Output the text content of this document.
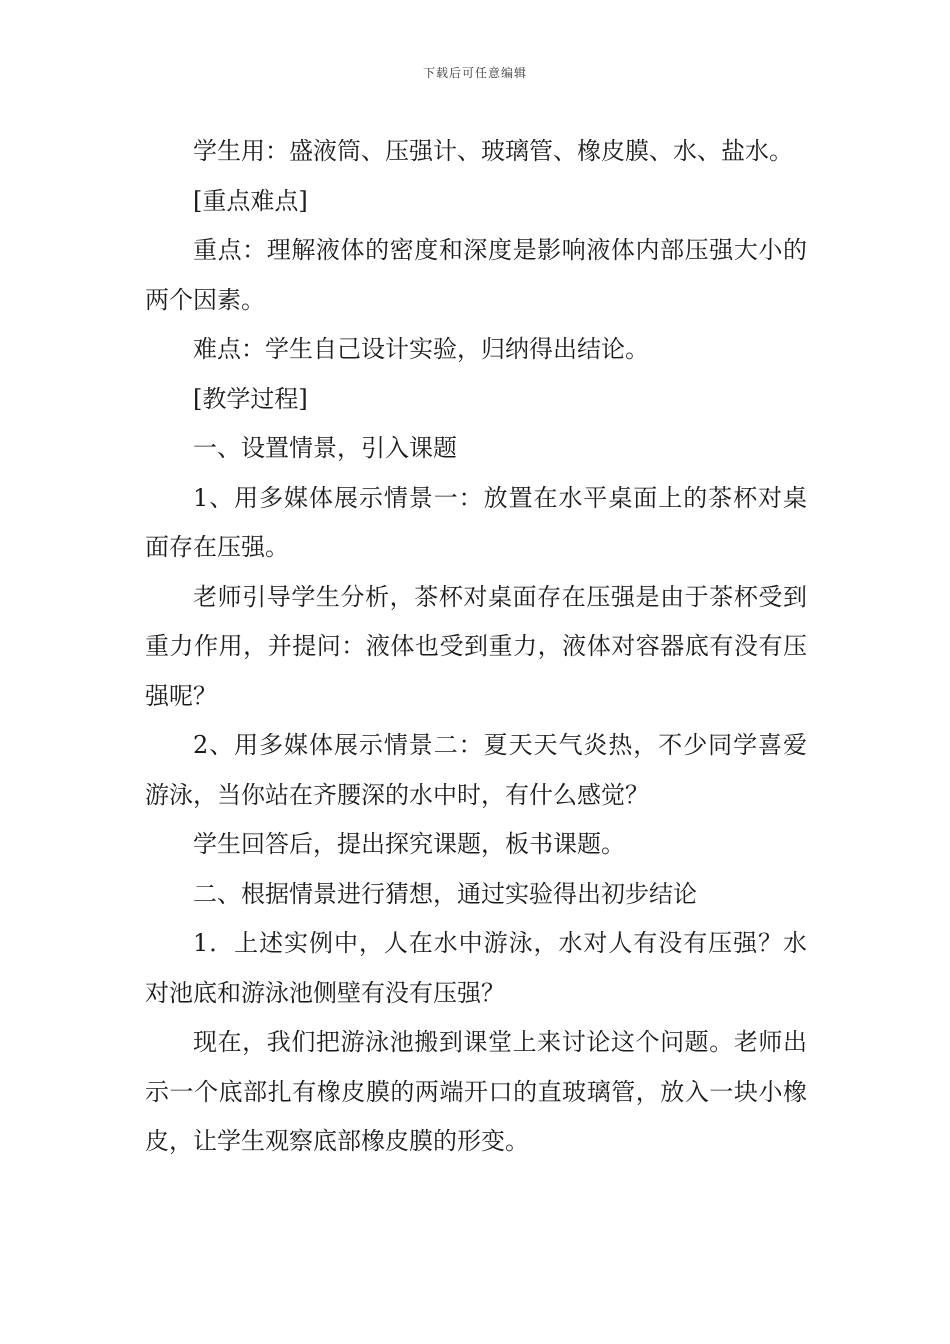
下载后可任意编辑

学生用：盛液筒、压强计、玻璃管、橡皮膜、水、盐水。

[重点难点]

重点：理解液体的密度和深度是影响液体内部压强大小的两个因素。

难点：学生自己设计实验，归纳得出结论。

[教学过程]

一、设置情景，引入课题

1、用多媒体展示情景一：放置在水平桌面上的茶杯对桌面存在压强。

老师引导学生分析，茶杯对桌面存在压强是由于茶杯受到重力作用，并提问：液体也受到重力，液体对容器底有没有压强呢？

2、用多媒体展示情景二：夏天天气炎热，不少同学喜爱游泳，当你站在齐腰深的水中时，有什么感觉？

学生回答后，提出探究课题，板书课题。

二、根据情景进行猜想，通过实验得出初步结论

1．上述实例中，人在水中游泳，水对人有没有压强？水对池底和游泳池侧壁有没有压强？

现在，我们把游泳池搬到课堂上来讨论这个问题。老师出示一个底部扎有橡皮膜的两端开口的直玻璃管，放入一块小橡皮，让学生观察底部橡皮膜的形变。
